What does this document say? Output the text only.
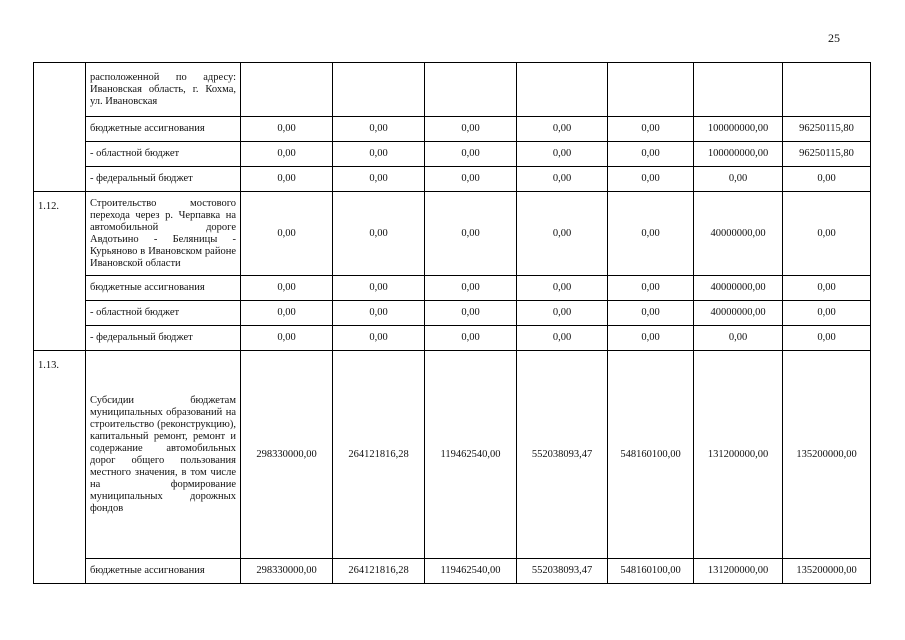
25
	расположенной по адресу: Ивановская область, г. Кохма, ул. Ивановская							
	бюджетные ассигнования	0,00	0,00	0,00	0,00	0,00	100000000,00	96250115,80
	- областной бюджет	0,00	0,00	0,00	0,00	0,00	100000000,00	96250115,80
	- федеральный бюджет	0,00	0,00	0,00	0,00	0,00	0,00	0,00
1.12.	Строительство мостового перехода через р. Черпавка на автомобильной дороге Авдотьино - Беляницы - Курьяново в Ивановском районе Ивановской области	0,00	0,00	0,00	0,00	0,00	40000000,00	0,00
	бюджетные ассигнования	0,00	0,00	0,00	0,00	0,00	40000000,00	0,00
	- областной бюджет	0,00	0,00	0,00	0,00	0,00	40000000,00	0,00
	- федеральный бюджет	0,00	0,00	0,00	0,00	0,00	0,00	0,00
1.13.	Субсидии бюджетам муниципальных образований на строительство (реконструкцию), капитальный ремонт, ремонт и содержание автомобильных дорог общего пользования местного значения, в том числе на формирование муниципальных дорожных фондов	298330000,00	264121816,28	119462540,00	552038093,47	548160100,00	131200000,00	135200000,00
	бюджетные ассигнования	298330000,00	264121816,28	119462540,00	552038093,47	548160100,00	131200000,00	135200000,00
